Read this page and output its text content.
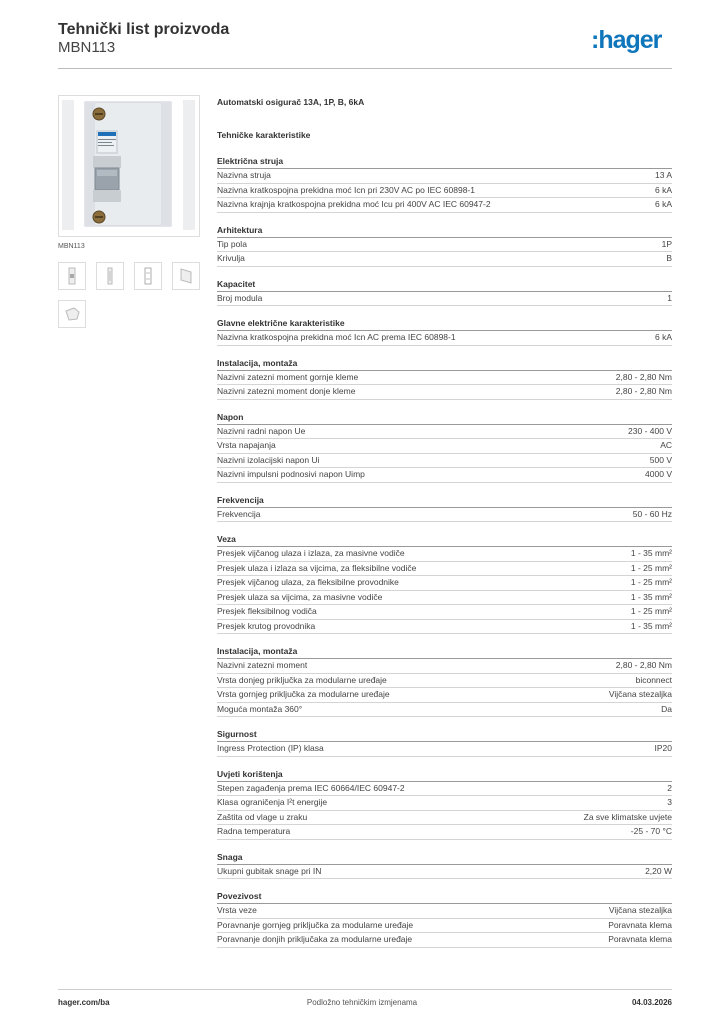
Tehnički list proizvoda
MBN113	:hager
MBN113
Automatski osigurač 13A, 1P, B, 6kA
Tehničke karakteristike
Električna struja
Nazivna struja	13 A
Nazivna kratkospojna prekidna moć Icn pri 230V AC po IEC 60898-1	6 kA
Nazivna krajnja kratkospojna prekidna moć Icu pri 400V AC IEC 60947-2	6 kA
Arhitektura
Tip pola	1P
Krivulja	B
Kapacitet
Broj modula	1
Glavne električne karakteristike
Nazivna kratkospojna prekidna moć Icn AC prema IEC 60898-1	6 kA
Instalacija, montaža
Nazivni zatezni moment gornje kleme	2,80 - 2,80 Nm
Nazivni zatezni moment donje kleme	2,80 - 2,80 Nm
Napon
Nazivni radni napon Ue	230 - 400 V
Vrsta napajanja	AC
Nazivni izolacijski napon Ui	500 V
Nazivni impulsni podnosivi napon Uimp	4000 V
Frekvencija
Frekvencija	50 - 60 Hz
Veza
Presjek vijčanog ulaza i izlaza, za masivne vodiče	1 - 35 mm²
Presjek ulaza i izlaza sa vijcima, za fleksibilne vodiče	1 - 25 mm²
Presjek vijčanog ulaza, za fleksibilne provodnike	1 - 25 mm²
Presjek ulaza sa vijcima, za masivne vodiče	1 - 35 mm²
Presjek fleksibilnog vodiča	1 - 25 mm²
Presjek krutog provodnika	1 - 35 mm²
Instalacija, montaža
Nazivni zatezni moment	2,80 - 2,80 Nm
Vrsta donjeg priključka za modularne uređaje	biconnect
Vrsta gornjeg priključka za modularne uređaje	Vijčana stezaljka
Moguća montaža 360°	Da
Sigurnost
Ingress Protection (IP) klasa	IP20
Uvjeti korištenja
Stepen zagađenja prema IEC 60664/IEC 60947-2	2
Klasa ograničenja I²t energije	3
Zaštita od vlage u zraku	Za sve klimatske uvjete
Radna temperatura	-25 - 70 °C
Snaga
Ukupni gubitak snage pri IN	2,20 W
Povezivost
Vrsta veze	Vijčana stezaljka
Poravnanje gornjeg priključka za modularne uređaje	Poravnata klema
Poravnanje donjih priključaka za modularne uređaje	Poravnata klema
hager.com/ba	Podložno tehničkim izmjenama	04.03.2026
